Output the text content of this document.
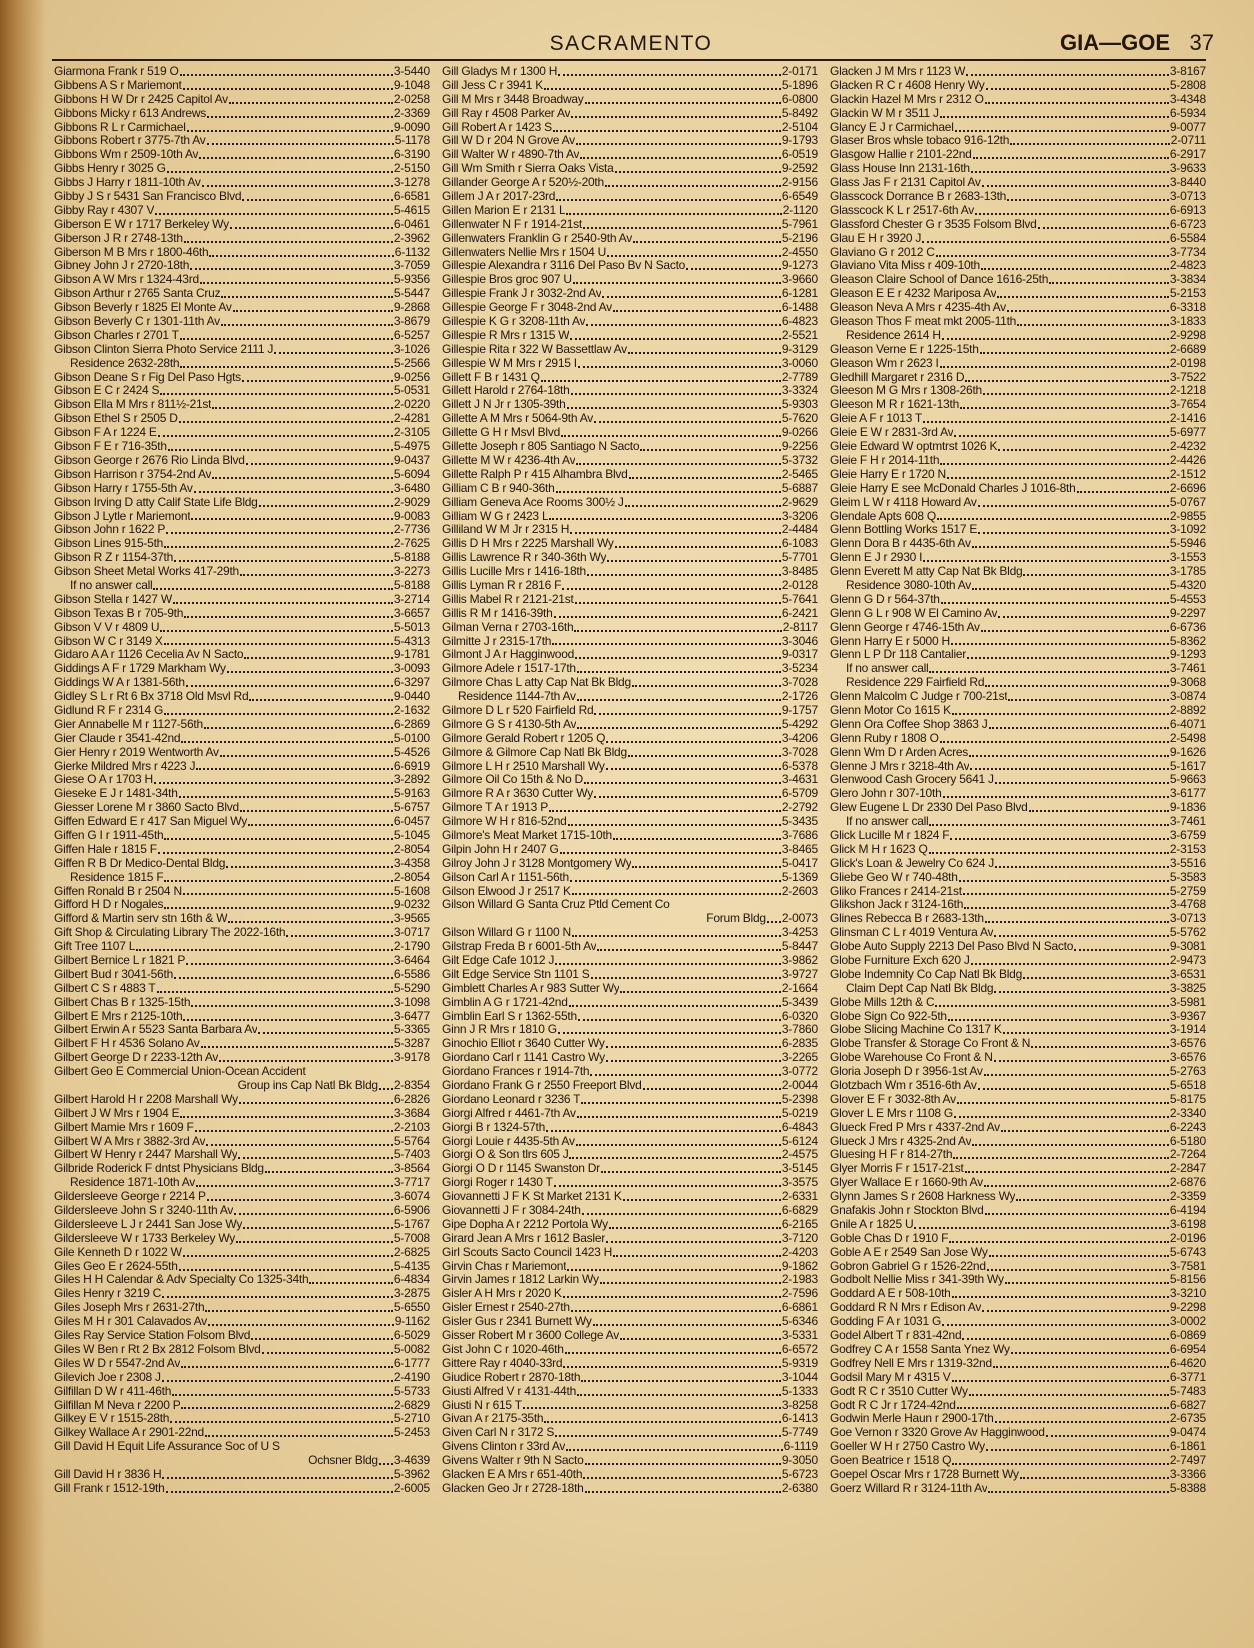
SACRAMENTO	GIA—GOE 37
Giarmona Frank r 519 O	3-5440
Gibbens A S r Mariemont	9-1048
Gibbons H W Dr r 2425 Capitol Av	2-0258
Gibbons Micky r 613 Andrews	2-3369
Gibbons R L r Carmichael	9-0090
Gibbons Robert r 3775-7th Av	5-1178
Gibbons Wm r 2509-10th Av	6-3190
Gibbs Henry r 3025 G	2-5150
Gibbs J Harry r 1811-10th Av	3-1278
Gibby J S r 5431 San Francisco Blvd	6-6581
Gibby Ray r 4307 V	5-4615
Giberson E W r 1717 Berkeley Wy	6-0461
Giberson J R r 2748-13th	2-3962
Giberson M B Mrs r 1800-46th	6-1132
Gibney John J r 2720-18th	3-7059
Gibson A W Mrs r 1324-43rd	5-9356
Gibson Arthur r 2765 Santa Cruz	5-5447
Gibson Beverly r 1825 El Monte Av	9-2868
Gibson Beverly C r 1301-11th Av	3-8679
Gibson Charles r 2701 T	6-5257
Gibson Clinton Sierra Photo Service 2111 J	3-1026
Residence 2632-28th	5-2566
Gibson Deane S r Fig Del Paso Hgts	9-0256
Gibson E C r 2424 S	5-0531
Gibson Ella M Mrs r 811½-21st	2-0220
Gibson Ethel S r 2505 D	2-4281
Gibson F A r 1224 E	2-3105
Gibson F E r 716-35th	5-4975
Gibson George r 2676 Rio Linda Blvd	9-0437
Gibson Harrison r 3754-2nd Av	5-6094
Gibson Harry r 1755-5th Av	3-6480
Gibson Irving D atty Calif State Life Bldg	2-9029
Gibson J Lytle r Mariemont	9-0083
Gibson John r 1622 P	2-7736
Gibson Lines 915-5th	2-7625
Gibson R Z r 1154-37th	5-8188
Gibson Sheet Metal Works 417-29th	3-2273
If no answer call	5-8188
Gibson Stella r 1427 W	3-2714
Gibson Texas B r 705-9th	3-6657
Gibson V V r 4809 U	5-5013
Gibson W C r 3149 X	5-4313
Gidaro A A r 1126 Cecelia Av N Sacto	9-1781
Giddings A F r 1729 Markham Wy	3-0093
Giddings W A r 1381-56th	6-3297
Gidley S L r Rt 6 Bx 3718 Old Msvl Rd	9-0440
Gidlund R F r 2314 G	2-1632
Gier Annabelle M r 1127-56th	6-2869
Gier Claude r 3541-42nd	5-0100
Gier Henry r 2019 Wentworth Av	5-4526
Gierke Mildred Mrs r 4223 J	6-6919
Giese O A r 1703 H	3-2892
Gieseke E J r 1481-34th	5-9163
Giesser Lorene M r 3860 Sacto Blvd	5-6757
Giffen Edward E r 417 San Miguel Wy	6-0457
Giffen G I r 1911-45th	5-1045
Giffen Hale r 1815 F	2-8054
Giffen R B Dr Medico-Dental Bldg	3-4358
Residence 1815 F	2-8054
Giffen Ronald B r 2504 N	5-1608
Gifford H D r Nogales	9-0232
Gifford & Martin serv stn 16th & W	3-9565
Gift Shop & Circulating Library The 2022-16th	3-0717
Gift Tree 1107 L	2-1790
Gilbert Bernice L r 1821 P	3-6464
Gilbert Bud r 3041-56th	6-5586
Gilbert C S r 4883 T	5-5290
Gilbert Chas B r 1325-15th	3-1098
Gilbert E Mrs r 2125-10th	3-6477
Gilbert Erwin A r 5523 Santa Barbara Av	5-3365
Gilbert F H r 4536 Solano Av	5-3287
Gilbert George D r 2233-12th Av	3-9178
Gilbert Geo E Commercial Union-Ocean Accident
Group ins Cap Natl Bk Bldg 2-8354
Gilbert Harold H r 2208 Marshall Wy	6-2826
Gilbert J W Mrs r 1904 E	3-3684
Gilbert Mamie Mrs r 1609 F	2-2103
Gilbert W A Mrs r 3882-3rd Av	5-5764
Gilbert W Henry r 2447 Marshall Wy	5-7403
Gilbride Roderick F dntst Physicians Bldg	3-8564
Residence 1871-10th Av	3-7717
Gildersleeve George r 2214 P	3-6074
Gildersleeve John S r 3240-11th Av	6-5906
Gildersleeve L J r 2441 San Jose Wy	5-1767
Gildersleeve W r 1733 Berkeley Wy	5-7008
Gile Kenneth D r 1022 W	2-6825
Giles Geo E r 2624-55th	5-4135
Giles H H Calendar & Adv Specialty Co 1325-34th	6-4834
Giles Henry r 3219 C	3-2875
Giles Joseph Mrs r 2631-27th	5-6550
Giles M H r 301 Calavados Av	9-1162
Giles Ray Service Station Folsom Blvd	6-5029
Giles W Ben r Rt 2 Bx 2812 Folsom Blvd	5-0082
Giles W D r 5547-2nd Av	6-1777
Gilevich Joe r 2308 J	2-4190
Gilfillan D W r 411-46th	5-5733
Gilfillan M Neva r 2200 P	2-6829
Gilkey E V r 1515-28th	5-2710
Gilkey Wallace A r 2901-22nd	5-2453
Gill David H Equit Life Assurance Soc of U S
Ochsner Bldg 3-4639
Gill David H r 3836 H	5-3962
Gill Frank r 1512-19th	2-6005
Gill Gladys M r 1300 H	2-0171
Gill Jess C r 3941 K	5-1896
Gill M Mrs r 3448 Broadway	6-0800
Gill Ray r 4508 Parker Av	5-8492
Gill Robert A r 1423 S	2-5104
Gill W D r 204 N Grove Av	9-1793
Gill Walter W r 4890-7th Av	6-0519
Gill Wm Smith r Sierra Oaks Vista	9-2592
Gillander George A r 520½-20th	2-9156
Gillem J A r 2017-23rd	6-6549
Gillen Marion E r 2131 L	2-1120
Gillenwater N F r 1914-21st	5-7961
Gillenwaters Franklin G r 2540-9th Av	5-2196
Gillenwaters Nellie Mrs r 1504 U	2-4550
Gillespie Alexandra r 3116 Del Paso Bv N Sacto	9-1273
Gillespie Bros groc 907 U	3-9660
Gillespie Frank J r 3032-2nd Av	6-1281
Gillespie George F r 3048-2nd Av	6-1488
Gillespie K G r 3208-11th Av	6-4823
Gillespie R Mrs r 1315 W	2-5521
Gillespie Rita r 322 W Bassettlaw Av	9-3129
Gillespie W M Mrs r 2915 I	3-0060
Gillett F B r 1431 Q	2-7789
Gillett Harold r 2764-18th	3-3324
Gillett J N Jr r 1305-39th	5-9303
Gillette A M Mrs r 5064-9th Av	5-7620
Gillette G H r Msvl Blvd	9-0266
Gillette Joseph r 805 Santiago N Sacto	9-2256
Gillette M W r 4236-4th Av	5-3732
Gillette Ralph P r 415 Alhambra Blvd	2-5465
Gilliam C B r 940-36th	5-6887
Gilliam Geneva Ace Rooms 300½ J	2-9629
Gilliam W G r 2423 L	3-3206
Gilliland W M Jr r 2315 H	2-4484
Gillis D H Mrs r 2225 Marshall Wy	6-1083
Gillis Lawrence R r 340-36th Wy	5-7701
Gillis Lucille Mrs r 1416-18th	3-8485
Gillis Lyman R r 2816 F	2-0128
Gillis Mabel R r 2121-21st	5-7641
Gillis R M r 1416-39th	6-2421
Gilman Verna r 2703-16th	2-8117
Gilmitte J r 2315-17th	3-3046
Gilmont J A r Hagginwood	9-0317
Gilmore Adele r 1517-17th	3-5234
Gilmore Chas L atty Cap Nat Bk Bldg	3-7028
Residence 1144-7th Av	2-1726
Gilmore D L r 520 Fairfield Rd	9-1757
Gilmore G S r 4130-5th Av	5-4292
Gilmore Gerald Robert r 1205 Q	3-4206
Gilmore & Gilmore Cap Natl Bk Bldg	3-7028
Gilmore L H r 2510 Marshall Wy	6-5378
Gilmore Oil Co 15th & No D	3-4631
Gilmore R A r 3630 Cutter Wy	6-5709
Gilmore T A r 1913 P	2-2792
Gilmore W H r 816-52nd	5-3435
Gilmore's Meat Market 1715-10th	3-7686
Gilpin John H r 2407 G	3-8465
Gilroy John J r 3128 Montgomery Wy	5-0417
Gilson Carl A r 1151-56th	5-1369
Gilson Elwood J r 2517 K	2-2603
Gilson Willard G Santa Cruz Ptld Cement Co
Forum Bldg 2-0073
Gilson Willard G r 1100 N	3-4253
Gilstrap Freda B r 6001-5th Av	5-8447
Gilt Edge Cafe 1012 J	3-9862
Gilt Edge Service Stn 1101 S	3-9727
Gimblett Charles A r 983 Sutter Wy	2-1664
Gimblin A G r 1721-42nd	5-3439
Gimblin Earl S r 1362-55th	6-0320
Ginn J R Mrs r 1810 G	3-7860
Ginochio Elliot r 3640 Cutter Wy	6-2835
Giordano Carl r 1141 Castro Wy	3-2265
Giordano Frances r 1914-7th	3-0772
Giordano Frank G r 2550 Freeport Blvd	2-0044
Giordano Leonard r 3236 T	5-2398
Giorgi Alfred r 4461-7th Av	5-0219
Giorgi B r 1324-57th	6-4843
Giorgi Louie r 4435-5th Av	5-6124
Giorgi O & Son tlrs 605 J	2-4575
Giorgi O D r 1145 Swanston Dr	3-5145
Giorgi Roger r 1430 T	3-3575
Giovannetti J F K St Market 2131 K	2-6331
Giovannetti J F r 3084-24th	6-6829
Gipe Dopha A r 2212 Portola Wy	6-2165
Girard Jean A Mrs r 1612 Basler	3-7120
Girl Scouts Sacto Council 1423 H	2-4203
Girvin Chas r Mariemont	9-1862
Girvin James r 1812 Larkin Wy	2-1983
Gisler A H Mrs r 2020 K	2-7596
Gisler Ernest r 2540-27th	6-6861
Gisler Gus r 2341 Burnett Wy	5-6346
Gisser Robert M r 3600 College Av	3-5331
Gist John C r 1020-46th	6-6572
Gittere Ray r 4040-33rd	5-9319
Giudice Robert r 2870-18th	3-1044
Giusti Alfred V r 4131-44th	5-1333
Giusti N r 615 T	3-8258
Givan A r 2175-35th	6-1413
Given Carl N r 3172 S	5-7749
Givens Clinton r 33rd Av	6-1119
Givens Walter r 9th N Sacto	9-3050
Glacken E A Mrs r 651-40th	5-6723
Glacken Geo Jr r 2728-18th	2-6380
Glacken J M Mrs r 1123 W	3-8167
Glacken R C r 4608 Henry Wy	5-2808
Glackin Hazel M Mrs r 2312 O	3-4348
Glackin W M r 3511 J	6-5934
Glancy E J r Carmichael	9-0077
Glaser Bros whsle tobaco 916-12th	2-0711
Glasgow Hallie r 2101-22nd	6-2917
Glass House Inn 2131-16th	3-9633
Glass Jas F r 2131 Capitol Av	3-8440
Glasscock Dorrance B r 2683-13th	3-0713
Glasscock K L r 2517-6th Av	6-6913
Glassford Chester G r 3535 Folsom Blvd	6-6723
Glau E H r 3920 J	6-5584
Glaviano G r 2012 C	3-7734
Glaviano Vita Miss r 409-10th	2-4823
Gleason Claire School of Dance 1616-25th	3-3834
Gleason E E r 4232 Mariposa Av	5-2153
Gleason Neva A Mrs r 4235-4th Av	6-3318
Gleason Thos F meat mkt 2005-11th	3-1833
Residence 2614 H	2-9298
Gleason Verne E r 1225-15th	2-6689
Gleason Wm r 2623 I	2-0198
Gledhill Margaret r 2316 D	3-7522
Gleeson M G Mrs r 1308-26th	2-1218
Gleeson M R r 1621-13th	3-7654
Gleie A F r 1013 T	2-1416
Gleie E W r 2831-3rd Av	5-6977
Gleie Edward W optmtrst 1026 K	2-4232
Gleie F H r 2014-11th	2-4426
Gleie Harry E r 1720 N	2-1512
Gleie Harry E see McDonald Charles J 1016-8th	2-6696
Gleim L W r 4118 Howard Av	5-0767
Glendale Apts 608 Q	2-9855
Glenn Bottling Works 1517 E	3-1092
Glenn Dora B r 4435-6th Av	5-5946
Glenn E J r 2930 I	3-1553
Glenn Everett M atty Cap Nat Bk Bldg	3-1785
Residence 3080-10th Av	5-4320
Glenn G D r 564-37th	5-4553
Glenn G L r 908 W El Camino Av	9-2297
Glenn George r 4746-15th Av	6-6736
Glenn Harry E r 5000 H	5-8362
Glenn L P Dr 118 Cantalier	9-1293
If no answer call	3-7461
Residence 229 Fairfield Rd	9-3068
Glenn Malcolm C Judge r 700-21st	3-0874
Glenn Motor Co 1615 K	2-8892
Glenn Ora Coffee Shop 3863 J	6-4071
Glenn Ruby r 1808 O	2-5498
Glenn Wm D r Arden Acres	9-1626
Glenne J Mrs r 3218-4th Av	5-1617
Glenwood Cash Grocery 5641 J	5-9663
Glero John r 307-10th	3-6177
Glew Eugene L Dr 2330 Del Paso Blvd	9-1836
If no answer call	3-7461
Glick Lucille M r 1824 F	3-6759
Glick M H r 1623 Q	2-3153
Glick's Loan & Jewelry Co 624 J	3-5516
Gliebe Geo W r 740-48th	5-3583
Gliko Frances r 2414-21st	5-2759
Glikshon Jack r 3124-16th	3-4768
Glines Rebecca B r 2683-13th	3-0713
Glinsman C L r 4019 Ventura Av	5-5762
Globe Auto Supply 2213 Del Paso Blvd N Sacto	9-3081
Globe Furniture Exch 620 J	2-9473
Globe Indemnity Co Cap Natl Bk Bldg	3-6531
Claim Dept Cap Natl Bk Bldg	3-3825
Globe Mills 12th & C	3-5981
Globe Sign Co 922-5th	3-9367
Globe Slicing Machine Co 1317 K	3-1914
Globe Transfer & Storage Co Front & N	3-6576
Globe Warehouse Co Front & N	3-6576
Gloria Joseph D r 3956-1st Av	5-2763
Glotzbach Wm r 3516-6th Av	5-6518
Glover E F r 3032-8th Av	5-8175
Glover L E Mrs r 1108 G	2-3340
Glueck Fred P Mrs r 4337-2nd Av	6-2243
Glueck J Mrs r 4325-2nd Av	6-5180
Gluesing H F r 814-27th	2-7264
Glyer Morris F r 1517-21st	2-2847
Glyer Wallace E r 1660-9th Av	2-6876
Glynn James S r 2608 Harkness Wy	2-3359
Gnafakis John r Stockton Blvd	6-4194
Gnile A r 1825 U	3-6198
Goble Chas D r 1910 F	2-0196
Goble A E r 2549 San Jose Wy	5-6743
Gobron Gabriel G r 1526-22nd	3-7581
Godbolt Nellie Miss r 341-39th Wy	5-8156
Goddard A E r 508-10th	3-3210
Goddard R N Mrs r Edison Av	9-2298
Godding F A r 1031 G	3-0002
Godel Albert T r 831-42nd	6-0869
Godfrey C A r 1558 Santa Ynez Wy	6-6954
Godfrey Nell E Mrs r 1319-32nd	6-4620
Godsil Mary M r 4315 V	6-3771
Godt R C r 3510 Cutter Wy	5-7483
Godt R C Jr r 1724-42nd	6-6827
Godwin Merle Haun r 2900-17th	2-6735
Goe Vernon r 3320 Grove Av Hagginwood	9-0474
Goeller W H r 2750 Castro Wy	6-1861
Goen Beatrice r 1518 Q	2-7497
Goepel Oscar Mrs r 1728 Burnett Wy	3-3366
Goerz Willard R r 3124-11th Av	5-8388
